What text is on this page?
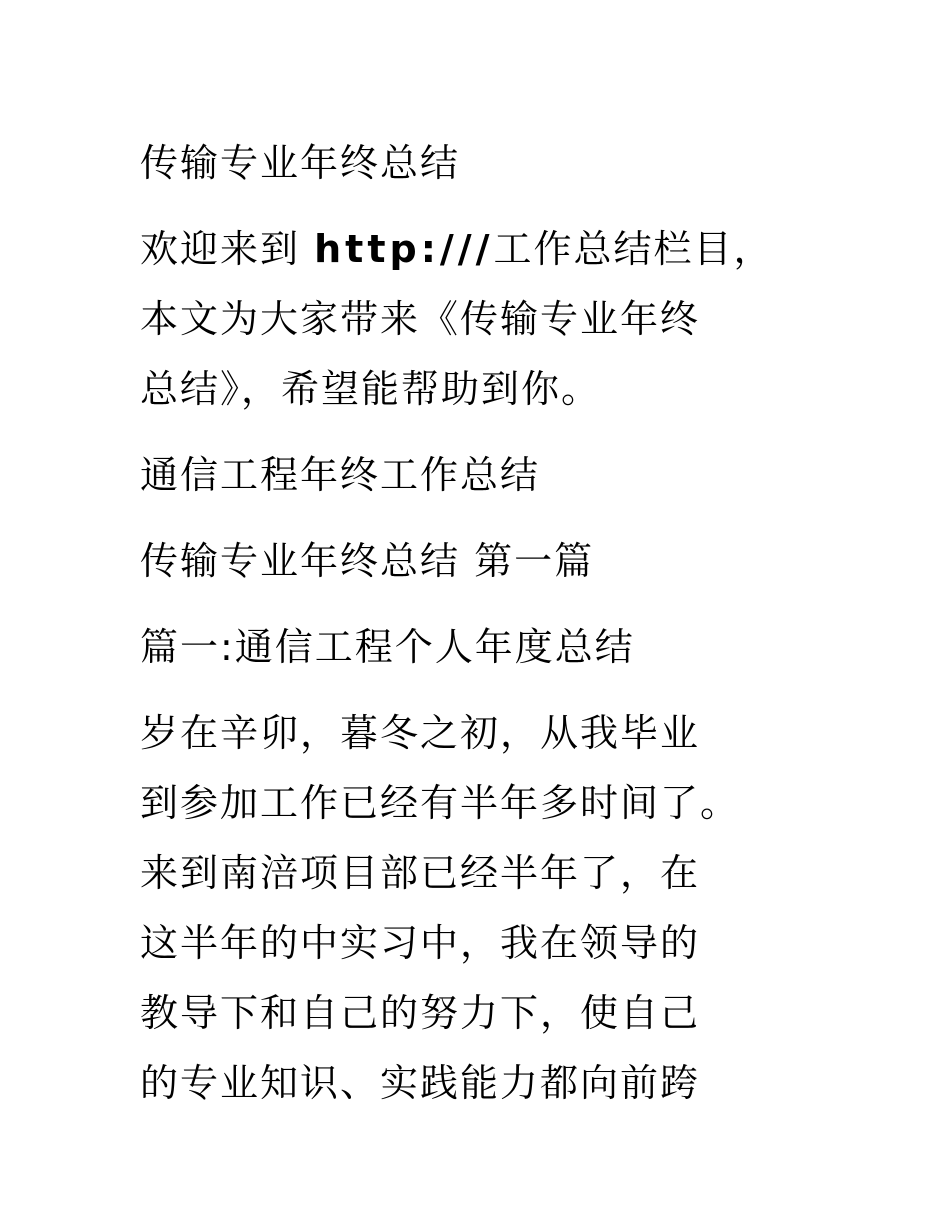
传输专业年终总结
欢迎来到 http:///工作总结栏目，
本文为大家带来《传输专业年终
总结》，希望能帮助到你。
通信工程年终工作总结
传输专业年终总结 第一篇
篇一:通信工程个人年度总结
岁在辛卯，暮冬之初，从我毕业
到参加工作已经有半年多时间了。
来到南涪项目部已经半年了，在
这半年的中实习中，我在领导的
教导下和自己的努力下，使自己
的专业知识、实践能力都向前跨
